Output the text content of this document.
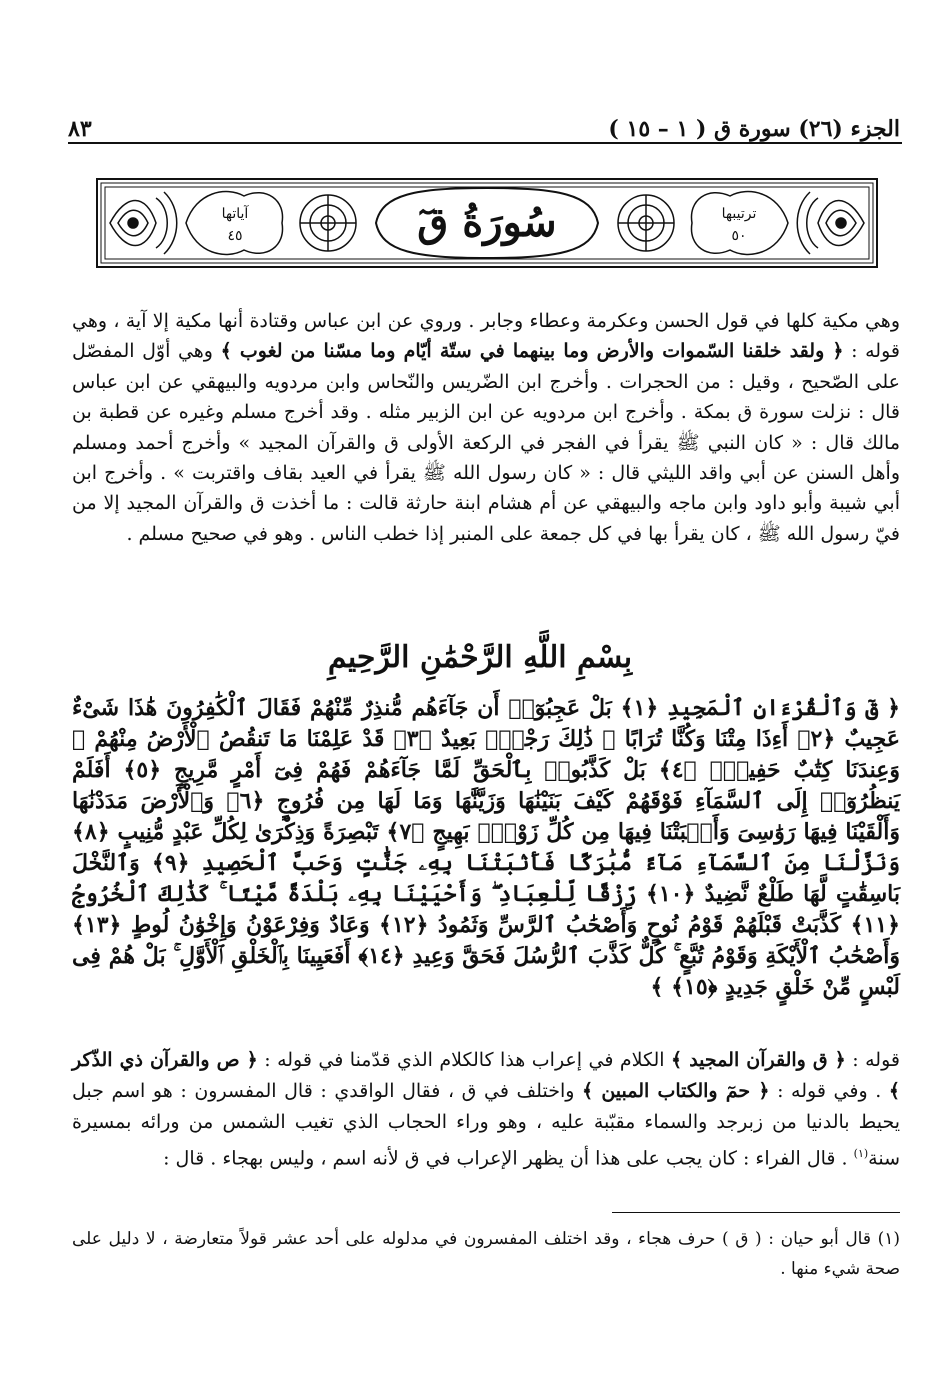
الجزء (٢٦) سورة ق ( ١ – ١٥ )
٨٣
سُورَةُ قٓ
آياتها
٤٥
ترتيبها
٥٠
وهي مكية كلها في قول الحسن وعكرمة وعطاء وجابر . وروي عن ابن عباس وقتادة أنها مكية إلا آية ، وهي قوله : ﴿ ولقد خلقنا السّموات والأرض وما بينهما في ستّة أيّام وما مسّنا من لغوب ﴾ وهي أوّل المفصّل على الصّحيح ، وقيل : من الحجرات . وأخرج ابن الضّريس والنّحاس وابن مردويه والبيهقي عن ابن عباس قال : نزلت سورة ق بمكة . وأخرج ابن مردويه عن ابن الزبير مثله . وقد أخرج مسلم وغيره عن قطبة بن مالك قال : « كان النبي ﷺ يقرأ في الفجر في الركعة الأولى ق والقرآن المجيد » وأخرج أحمد ومسلم وأهل السنن عن أبي واقد الليثي قال : « كان رسول الله ﷺ يقرأ في العيد بقاف واقتربت » . وأخرج ابن أبي شيبة وأبو داود وابن ماجه والبيهقي عن أم هشام ابنة حارثة قالت : ما أخذت ق والقرآن المجيد إلا من فيّ رسول الله ﷺ ، كان يقرأ بها في كل جمعة على المنبر إذا خطب الناس . وهو في صحيح مسلم .
بِسْمِ اللَّهِ الرَّحْمَٰنِ الرَّحِيمِ
﴿ قٓ وَٱلْقُرْءَانِ ٱلْمَجِيدِ ﴿١﴾ بَلْ عَجِبُوٓا۟ أَن جَآءَهُم مُّنذِرٌ مِّنْهُمْ فَقَالَ ٱلْكَٰفِرُونَ هَٰذَا شَىْءٌ عَجِيبٌ ﴿٢﴾ أَءِذَا مِتْنَا وَكُنَّا تُرَابًا ۖ ذَٰلِكَ رَجْعٌۢ بَعِيدٌ ﴿٣﴾ قَدْ عَلِمْنَا مَا تَنقُصُ ٱلْأَرْضُ مِنْهُمْ ۖ وَعِندَنَا كِتَٰبٌ حَفِيظٌۢ ﴿٤﴾ بَلْ كَذَّبُوا۟ بِٱلْحَقِّ لَمَّا جَآءَهُمْ فَهُمْ فِىٓ أَمْرٍ مَّرِيجٍ ﴿٥﴾ أَفَلَمْ يَنظُرُوٓا۟ إِلَى ٱلسَّمَآءِ فَوْقَهُمْ كَيْفَ بَنَيْنَٰهَا وَزَيَّنَّٰهَا وَمَا لَهَا مِن فُرُوجٍ ﴿٦﴾ وَٱلْأَرْضَ مَدَدْنَٰهَا وَأَلْقَيْنَا فِيهَا رَوَٰسِىَ وَأَنۢبَتْنَا فِيهَا مِن كُلِّ زَوْجٍۭ بَهِيجٍ ﴿٧﴾ تَبْصِرَةً وَذِكْرَىٰ لِكُلِّ عَبْدٍ مُّنِيبٍ ﴿٨﴾ وَنَزَّلْنَا مِنَ ٱلسَّمَآءِ مَآءً مُّبَٰرَكًا فَأَنۢبَتْنَا بِهِۦ جَنَّٰتٍ وَحَبَّ ٱلْحَصِيدِ ﴿٩﴾ وَٱلنَّخْلَ بَاسِقَٰتٍ لَّهَا طَلْعٌ نَّضِيدٌ ﴿١٠﴾ رِّزْقًا لِّلْعِبَادِ ۖ وَأَحْيَيْنَا بِهِۦ بَلْدَةً مَّيْتًا ۚ كَذَٰلِكَ ٱلْخُرُوجُ ﴿١١﴾ كَذَّبَتْ قَبْلَهُمْ قَوْمُ نُوحٍ وَأَصْحَٰبُ ٱلرَّسِّ وَثَمُودُ ﴿١٢﴾ وَعَادٌ وَفِرْعَوْنُ وَإِخْوَٰنُ لُوطٍ ﴿١٣﴾ وَأَصْحَٰبُ ٱلْأَيْكَةِ وَقَوْمُ تُبَّعٍ ۚ كُلٌّ كَذَّبَ ٱلرُّسُلَ فَحَقَّ وَعِيدِ ﴿١٤﴾ أَفَعَيِينَا بِٱلْخَلْقِ ٱلْأَوَّلِ ۚ بَلْ هُمْ فِى لَبْسٍ مِّنْ خَلْقٍ جَدِيدٍ ﴿١٥﴾ ﴾
قوله : ﴿ ق والقرآن المجيد ﴾ الكلام في إعراب هذا كالكلام الذي قدّمنا في قوله : ﴿ ص والقرآن ذي الذّكر ﴾ . وفي قوله : ﴿ حمٓ والكتاب المبين ﴾ واختلف في ق ، فقال الواقدي : قال المفسرون : هو اسم جبل يحيط بالدنيا من زبرجد والسماء مقبّبة عليه ، وهو وراء الحجاب الذي تغيب الشمس من ورائه بمسيرة سنة$^{(١)}$ . قال الفراء : كان يجب على هذا أن يظهر الإعراب في ق لأنه اسم ، وليس بهجاء . قال :
(١) قال أبو حيان : ( ق ) حرف هجاء ، وقد اختلف المفسرون في مدلوله على أحد عشر قولاً متعارضة ، لا دليل على صحة شيء منها .
